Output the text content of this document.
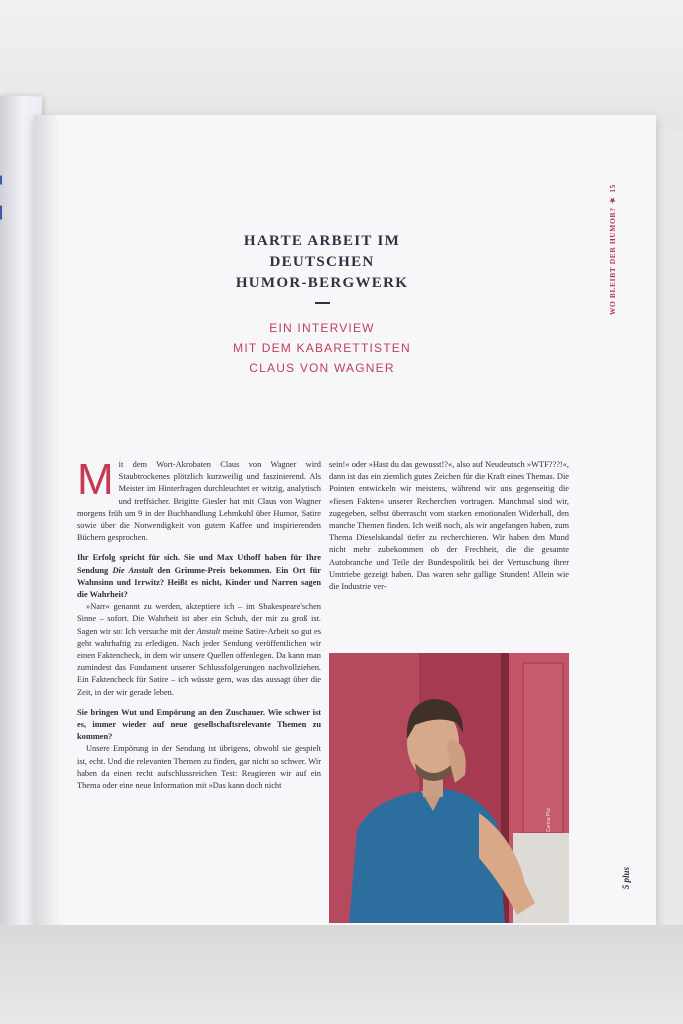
WO BLEIBT DER HUMOR? ★ 15
HARTE ARBEIT IM
DEUTSCHEN
HUMOR-BERGWERK
EIN INTERVIEW
MIT DEM KABARETTISTEN
CLAUS VON WAGNER

Mit dem Wort-Akrobaten Claus von Wagner wird Staubtrockenes plötzlich kurzweilig und faszinierend. Als Meister im Hinterfragen durchleuchtet er witzig, analytisch und treffsicher. Brigitte Giesler hat mit Claus von Wagner morgens früh um 9 in der Buchhandlung Lehmkuhl über Humor, Satire sowie über die Notwendigkeit von gutem Kaffee und inspirierenden Büchern gesprochen.

Ihr Erfolg spricht für sich. Sie und Max Uthoff haben für Ihre Sendung Die Anstalt den Grimme-Preis bekommen. Ein Ort für Wahnsinn und Irrwitz? Heißt es nicht, Kinder und Narren sagen die Wahrheit?

»Narr« genannt zu werden, akzeptiere ich – im Shakespeare'schen Sinne – sofort. Die Wahrheit ist aber ein Schuh, der mir zu groß ist. Sagen wir so: Ich versuche mit der Anstalt meine Satire-Arbeit so gut es geht wahrhaftig zu erledigen. Nach jeder Sendung veröffentlichen wir einen Faktencheck, in dem wir unsere Quellen offenlegen. Da kann man zumindest das Fundament unserer Schlussfolgerungen nachvollziehen. Ein Faktencheck für Satire – ich wüsste gern, was das aussagt über die Zeit, in der wir gerade leben.

Sie bringen Wut und Empörung an den Zuschauer. Wie schwer ist es, immer wieder auf neue gesellschaftsrelevante Themen zu kommen?

Unsere Empörung in der Sendung ist übrigens, obwohl sie gespielt ist, echt. Und die relevanten Themen zu finden, gar nicht so schwer. Wir haben da einen recht aufschlussreichen Test: Reagieren wir auf ein Thema oder eine neue Information mit »Das kann doch nicht

sein!« oder »Hast du das gewusst!?«, also auf Neudeutsch »WTF???!«, dann ist das ein ziemlich gutes Zeichen für die Kraft eines Themas. Die Pointen entwickeln wir meistens, während wir uns gegenseitig die »fiesen Fakten« unserer Recherchen vortragen. Manchmal sind wir, zugegeben, selbst überrascht vom starken emotionalen Widerhall, den manche Themen finden. Ich weiß noch, als wir angefangen haben, zum Thema Dieselskandal tiefer zu recherchieren. Wir haben den Mund nicht mehr zubekommen ob der Frechheit, die die gesamte Autobranche und Teile der Bundespolitik bei der Vertuschung ihrer Umtriebe gezeigt haben. Das waren sehr gallige Stunden! Allein wie die Industrie ver-

© Carina Pilz
5 plus
